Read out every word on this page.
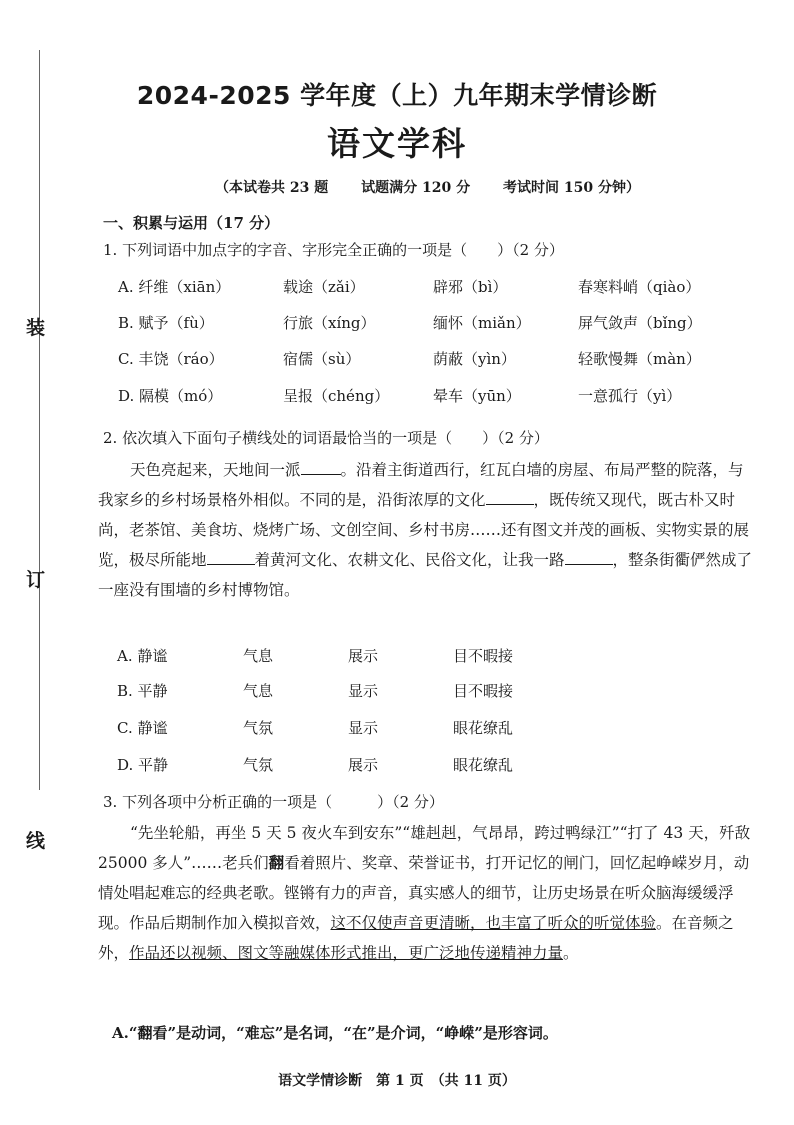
装
订
线
2024-2025 学年度（上）九年期末学情诊断
语文学科
（本试卷共 23 题 试题满分 120 分 考试时间 150 分钟）
一、积累与运用（17 分）
1. 下列词语中加点字的字音、字形完全正确的一项是（　　）（2 分）
A. 纤维（xiān）	载途（zǎi）	辟邪（bì）	春寒料峭（qiào）
B. 赋予（fù）	行旅（xíng）	缅怀（miǎn）	屏气敛声（bǐng）
C. 丰饶（ráo）	宿儒（sù）	荫蔽（yìn）	轻歌慢舞（màn）
D. 隔模（mó）	呈报（chéng）	晕车（yūn）	一意孤行（yì）
2. 依次填入下面句子横线处的词语最恰当的一项是（　　）（2 分）
天色亮起来，天地间一派	。沿着主街道西行，红瓦白墙的房屋、布局严整的院落，与我家乡的乡村场景格外相似。不同的是，沿街浓厚的文化	，既传统又现代，既古朴又时尚，老茶馆、美食坊、烧烤广场、文创空间、乡村书房……还有图文并茂的画板、实物实景的展览，极尽所能地	着黄河文化、农耕文化、民俗文化，让我一路	，整条街衢俨然成了一座没有围墙的乡村博物馆。
A. 静谧	气息	展示	目不暇接
B. 平静	气息	显示	目不暇接
C. 静谧	气氛	显示	眼花缭乱
D. 平静	气氛	展示	眼花缭乱
3. 下列各项中分析正确的一项是（　　　）（2 分）
“先坐轮船，再坐 5 天 5 夜火车到安东”“雄赳赳，气昂昂，跨过鸭绿江”“打了 43 天，歼敌 25000 多人”……老兵们翻看着照片、奖章、荣誉证书，打开记忆的闸门，回忆起峥嵘岁月，动情处唱起难忘的经典老歌。铿锵有力的声音，真实感人的细节，让历史场景在听众脑海缓缓浮现。作品后期制作加入模拟音效，这不仅使声音更清晰，也丰富了听众的听觉体验。在音频之外，作品还以视频、图文等融媒体形式推出，更广泛地传递精神力量。
A.“翻看”是动词，“难忘”是名词，“在”是介词，“峥嵘”是形容词。
语文学情诊断　第 1 页　（共 11 页）
